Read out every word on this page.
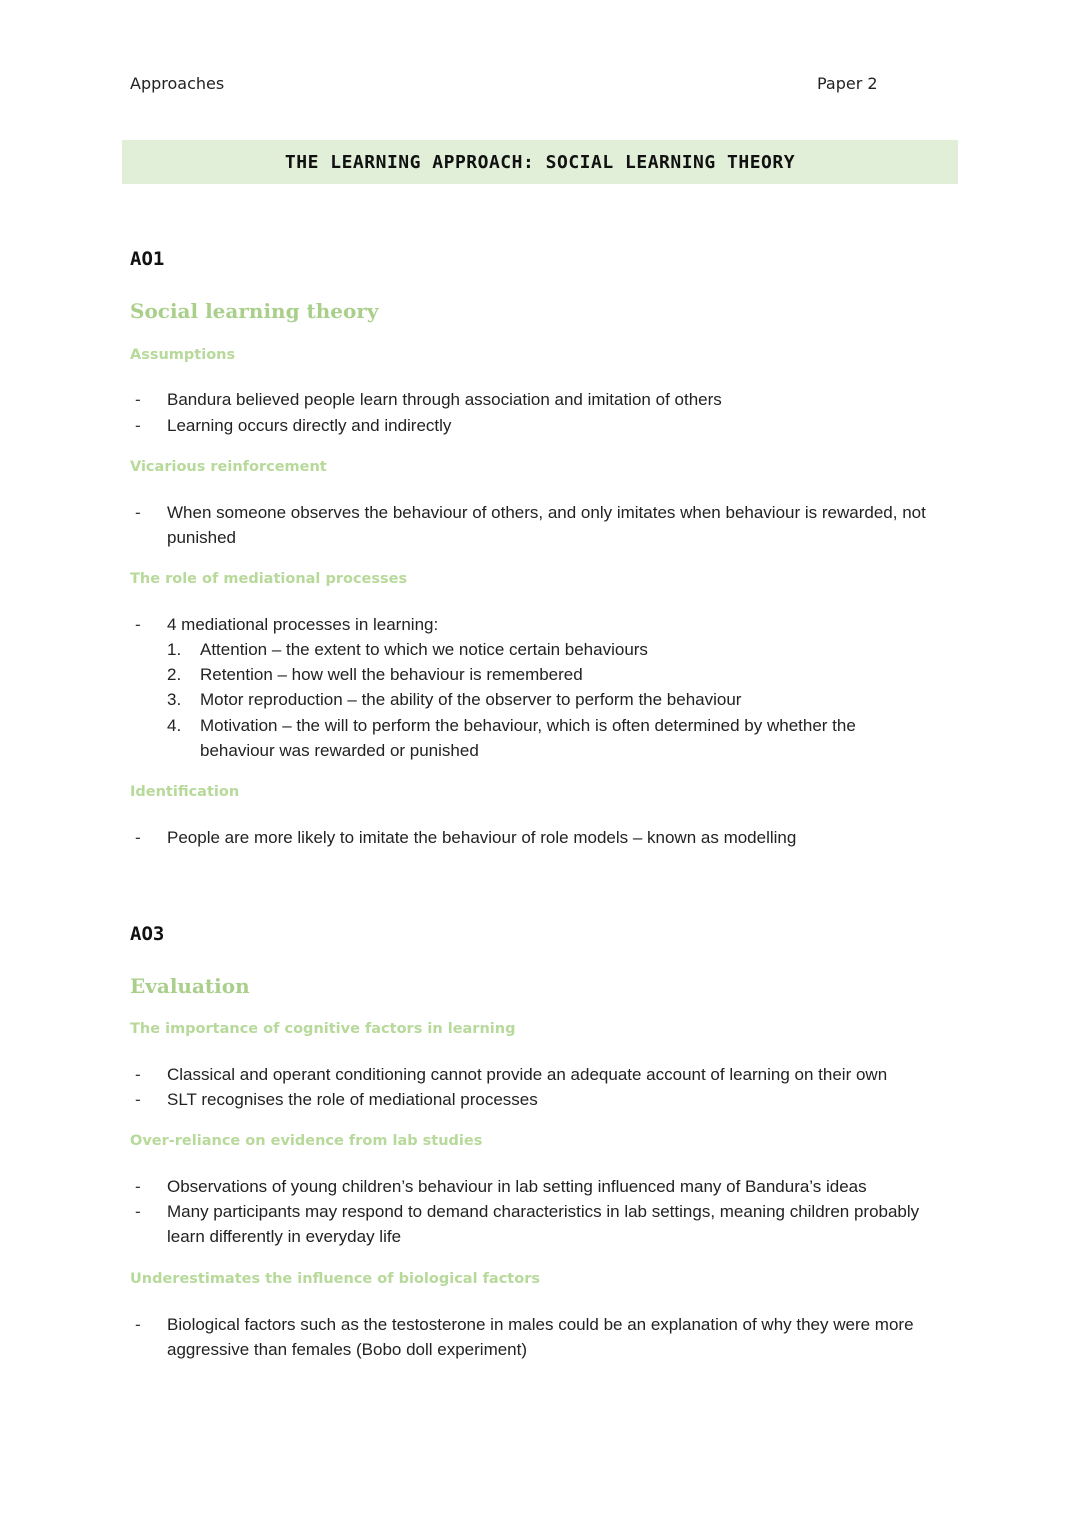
Approaches	Paper 2
THE LEARNING APPROACH: SOCIAL LEARNING THEORY
AO1
Social learning theory
Assumptions
- Bandura believed people learn through association and imitation of others
- Learning occurs directly and indirectly
Vicarious reinforcement
- When someone observes the behaviour of others, and only imitates when behaviour is rewarded, not
punished
The role of mediational processes
- 4 mediational processes in learning:
1. Attention – the extent to which we notice certain behaviours
2. Retention – how well the behaviour is remembered
3. Motor reproduction – the ability of the observer to perform the behaviour
4. Motivation – the will to perform the behaviour, which is often determined by whether the
behaviour was rewarded or punished
Identification
- People are more likely to imitate the behaviour of role models – known as modelling
AO3
Evaluation
The importance of cognitive factors in learning
- Classical and operant conditioning cannot provide an adequate account of learning on their own
- SLT recognises the role of mediational processes
Over-reliance on evidence from lab studies
- Observations of young children’s behaviour in lab setting influenced many of Bandura’s ideas
- Many participants may respond to demand characteristics in lab settings, meaning children probably
learn differently in everyday life
Underestimates the influence of biological factors
- Biological factors such as the testosterone in males could be an explanation of why they were more
aggressive than females (Bobo doll experiment)
